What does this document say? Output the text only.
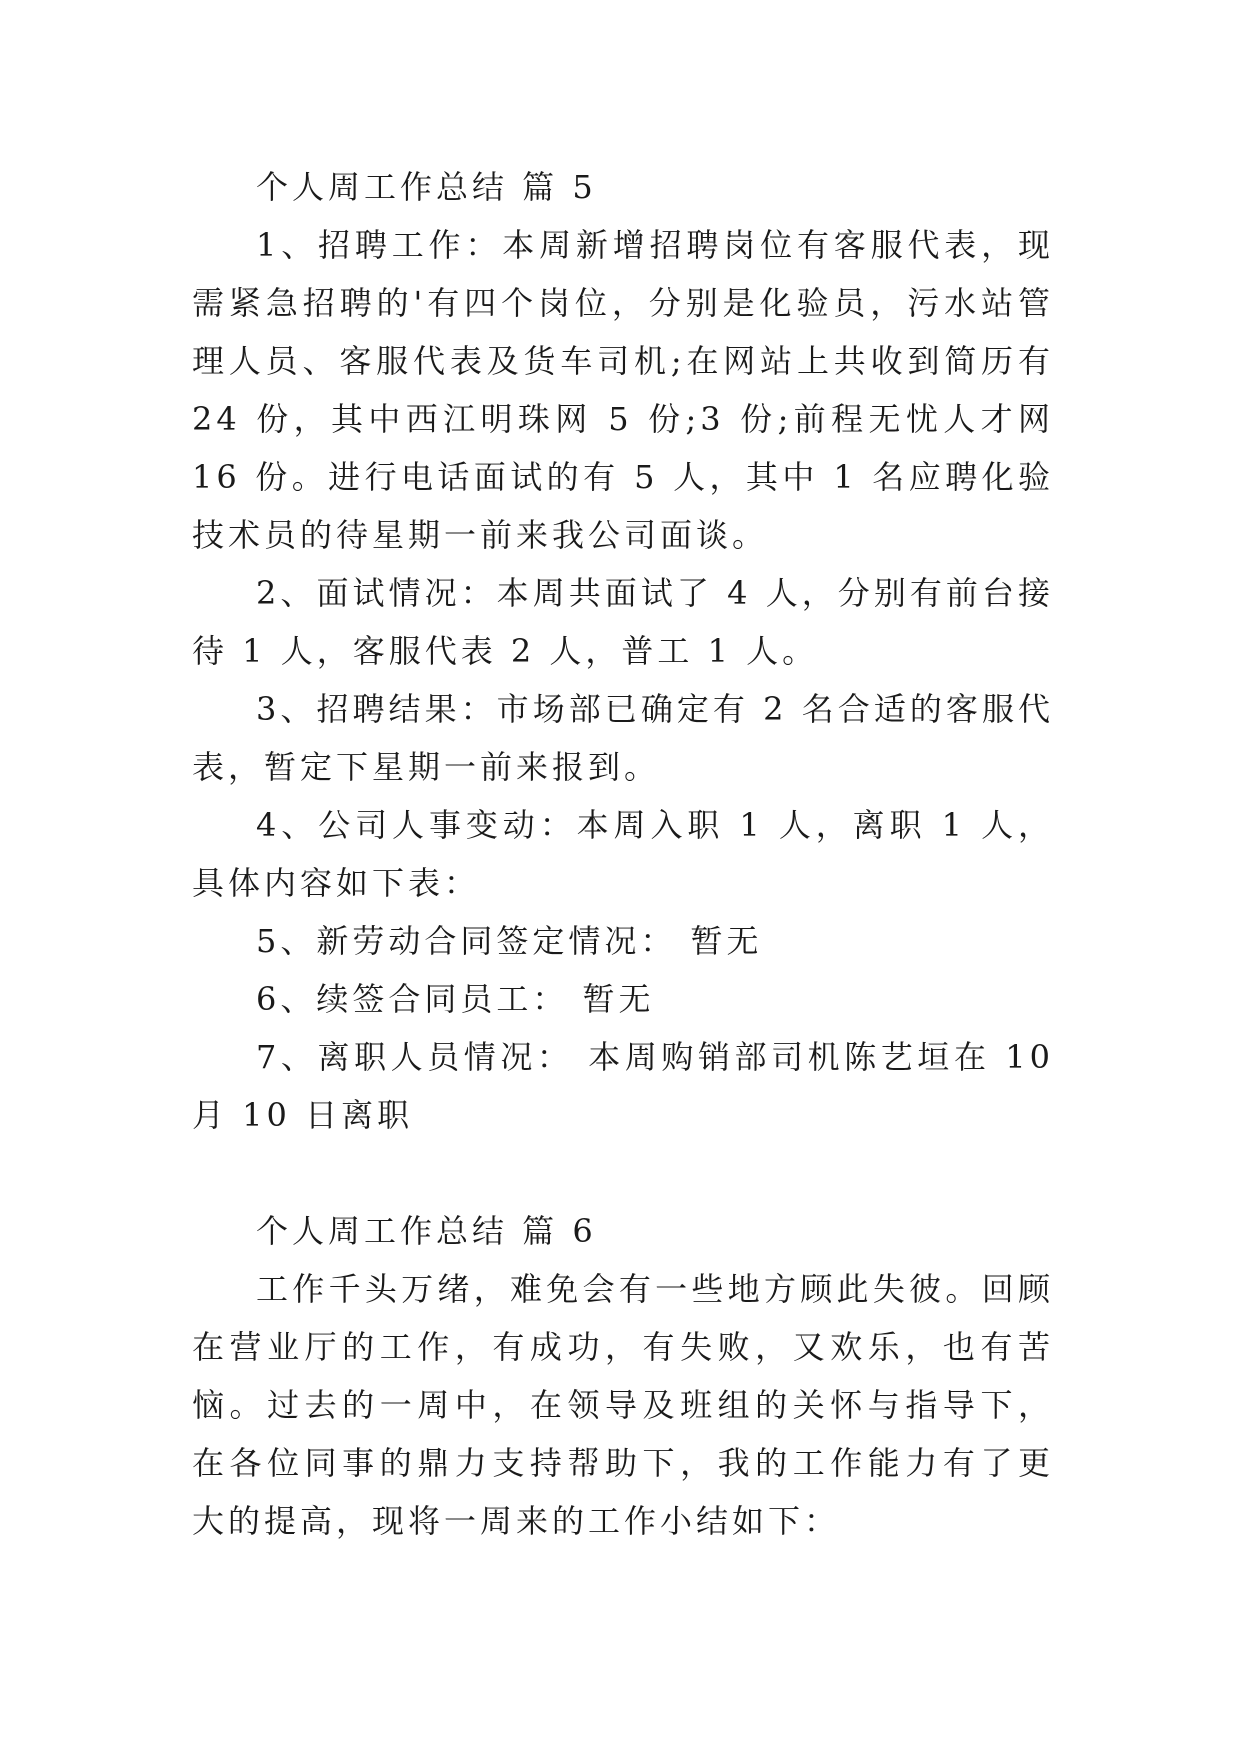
个人周工作总结 篇 5

1、招聘工作：本周新增招聘岗位有客服代表，现需紧急招聘的'有四个岗位，分别是化验员，污水站管理人员、客服代表及货车司机;在网站上共收到简历有 24 份，其中西江明珠网 5 份;3 份;前程无忧人才网 16 份。进行电话面试的有 5 人，其中 1 名应聘化验技术员的待星期一前来我公司面谈。

2、面试情况：本周共面试了 4 人，分别有前台接待 1 人，客服代表 2 人，普工 1 人。

3、招聘结果：市场部已确定有 2 名合适的客服代表，暂定下星期一前来报到。

4、公司人事变动：本周入职 1 人，离职 1 人，具体内容如下表：

5、新劳动合同签定情况： 暂无

6、续签合同员工： 暂无

7、离职人员情况： 本周购销部司机陈艺垣在 10 月 10 日离职

个人周工作总结 篇 6

工作千头万绪，难免会有一些地方顾此失彼。回顾在营业厅的工作，有成功，有失败，又欢乐，也有苦恼。过去的一周中，在领导及班组的关怀与指导下，在各位同事的鼎力支持帮助下，我的工作能力有了更大的提高，现将一周来的工作小结如下：
